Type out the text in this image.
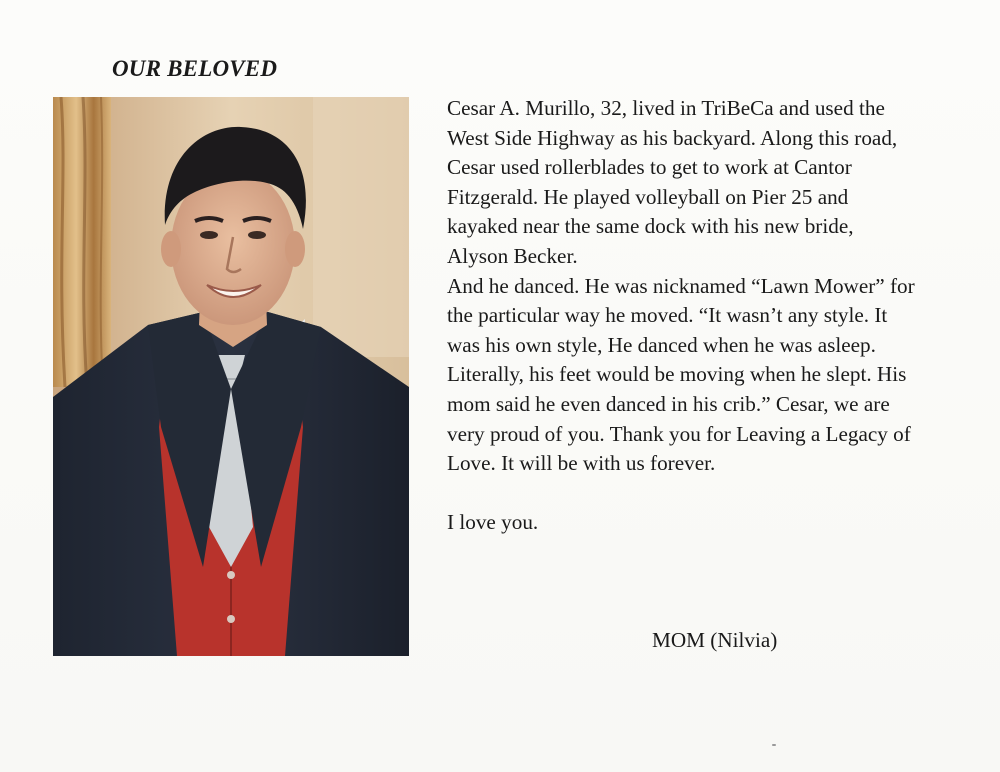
OUR BELOVED

Cesar A. Murillo, 32, lived in TriBeCa and used the West Side Highway as his backyard. Along this road, Cesar used rollerblades to get to work at Cantor Fitzgerald. He played volleyball on Pier 25 and kayaked near the same dock with his new bride, Alyson Becker.

And he danced. He was nicknamed “Lawn Mower” for the particular way he moved. “It wasn’t any style. It was his own style, He danced when he was asleep. Literally, his feet would be moving when he slept. His mom said he even danced in his crib.” Cesar, we are very proud of you. Thank you for Leaving a Legacy of Love. It will be with us forever.

I love you.

MOM (Nilvia)
